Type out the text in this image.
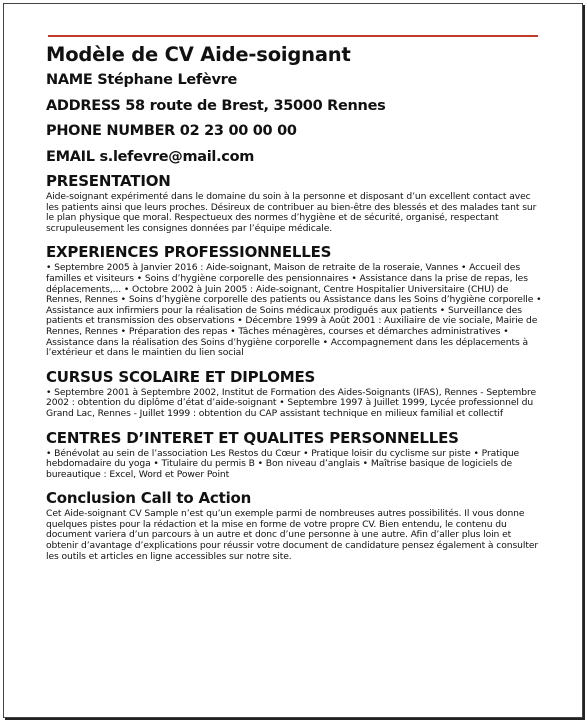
Modèle de CV Aide-soignant

NAME Stéphane Lefèvre

ADDRESS 58 route de Brest, 35000 Rennes

PHONE NUMBER 02 23 00 00 00

EMAIL s.lefevre@mail.com

PRESENTATION

Aide-soignant expérimenté dans le domaine du soin à la personne et disposant d’un excellent contact avec les patients ainsi que leurs proches. Désireux de contribuer au bien-être des blessés et des malades tant sur le plan physique que moral. Respectueux des normes d’hygiène et de sécurité, organisé, respectant scrupuleusement les consignes données par l’équipe médicale.

EXPERIENCES PROFESSIONNELLES

• Septembre 2005 à Janvier 2016 : Aide-soignant, Maison de retraite de la roseraie, Vannes • Accueil des familles et visiteurs • Soins d’hygiène corporelle des pensionnaires • Assistance dans la prise de repas, les déplacements,... • Octobre 2002 à Juin 2005 : Aide-soignant, Centre Hospitalier Universitaire (CHU) de Rennes, Rennes • Soins d’hygiène corporelle des patients ou Assistance dans les Soins d’hygiène corporelle • Assistance aux infirmiers pour la réalisation de Soins médicaux prodigués aux patients • Surveillance des patients et transmission des observations • Décembre 1999 à Août 2001 : Auxiliaire de vie sociale, Mairie de Rennes, Rennes • Préparation des repas • Tâches ménagères, courses et démarches administratives • Assistance dans la réalisation des Soins d’hygiène corporelle • Accompagnement dans les déplacements à l’extérieur et dans le maintien du lien social

CURSUS SCOLAIRE ET DIPLOMES

• Septembre 2001 à Septembre 2002, Institut de Formation des Aides-Soignants (IFAS), Rennes - Septembre 2002 : obtention du diplôme d’état d’aide-soignant • Septembre 1997 à Juillet 1999, Lycée professionnel du Grand Lac, Rennes - Juillet 1999 : obtention du CAP assistant technique en milieux familial et collectif

CENTRES D’INTERET ET QUALITES PERSONNELLES

• Bénévolat au sein de l’association Les Restos du Cœur • Pratique loisir du cyclisme sur piste • Pratique hebdomadaire du yoga • Titulaire du permis B • Bon niveau d’anglais • Maîtrise basique de logiciels de bureautique : Excel, Word et Power Point

Conclusion Call to Action

Cet Aide-soignant CV Sample n’est qu’un exemple parmi de nombreuses autres possibilités. Il vous donne quelques pistes pour la rédaction et la mise en forme de votre propre CV. Bien entendu, le contenu du document variera d’un parcours à un autre et donc d’une personne à une autre. Afin d’aller plus loin et obtenir d’avantage d’explications pour réussir votre document de candidature pensez également à consulter les outils et articles en ligne accessibles sur notre site.
